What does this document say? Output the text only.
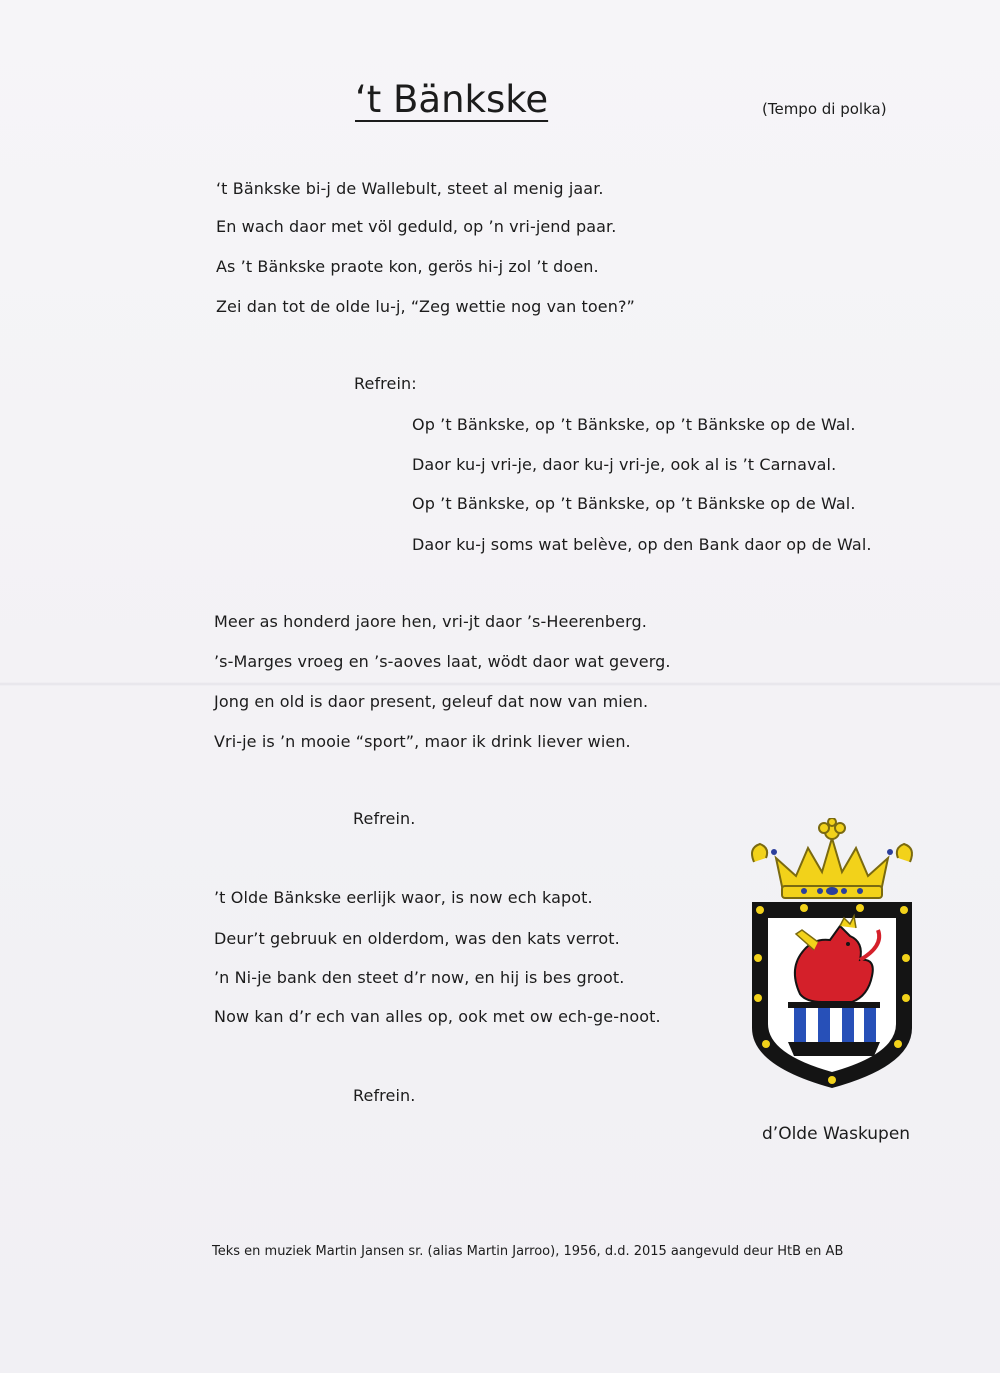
‘t Bänkske	(Tempo di polka)
‘t Bänkske bi-j de Wallebult, steet al menig jaar.
En wach daor met völ geduld, op ’n vri-jend paar.
As ’t Bänkske praote kon, gerös hi-j zol ’t doen.
Zei dan tot de olde lu-j, “Zeg wettie nog van toen?”
Refrein:
Op ’t Bänkske, op ’t Bänkske, op ’t Bänkske op de Wal.
Daor ku-j vri-je, daor ku-j vri-je, ook al is ’t Carnaval.
Op ’t Bänkske, op ’t Bänkske, op ’t Bänkske op de Wal.
Daor ku-j soms wat belève, op den Bank daor op de Wal.
Meer as honderd jaore hen, vri-jt daor ’s-Heerenberg.
’s-Marges vroeg en ’s-aoves laat, wödt daor wat geverg.
Jong en old is daor present, geleuf dat now van mien.
Vri-je is ’n mooie “sport”, maor ik drink liever wien.
Refrein.
’t Olde Bänkske eerlijk waor, is now ech kapot.
Deur’t gebruuk en olderdom, was den kats verrot.
’n Ni-je bank den steet d’r now, en hij is bes groot.
Now kan d’r ech van alles op, ook met ow ech-ge-noot.
Refrein.
d’Olde Waskupen
Teks en muziek Martin Jansen sr. (alias Martin Jarroo), 1956, d.d. 2015 aangevuld deur HtB en AB
